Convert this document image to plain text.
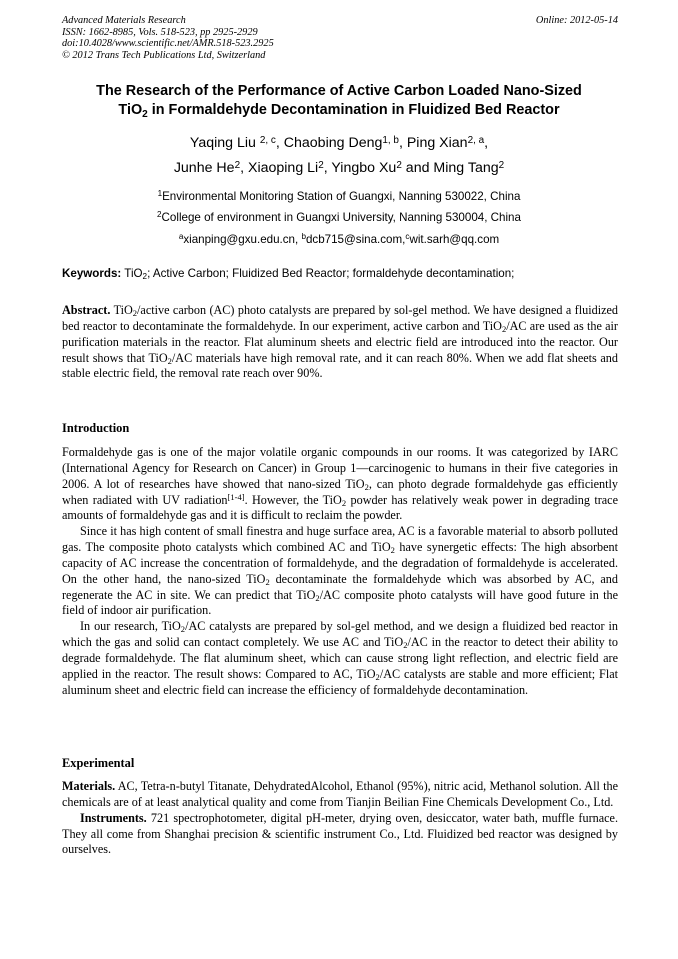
Advanced Materials Research
ISSN: 1662-8985, Vols. 518-523, pp 2925-2929
doi:10.4028/www.scientific.net/AMR.518-523.2925
© 2012 Trans Tech Publications Ltd, Switzerland
Online: 2012-05-14
The Research of the Performance of Active Carbon Loaded Nano-Sized
TiO$_2$ in Formaldehyde Decontamination in Fluidized Bed Reactor
Yaqing Liu $^{2, c}$, Chaobing Deng$^{1, b}$, Ping Xian$^{2, a}$,
Junhe He$^2$, Xiaoping Li$^2$, Yingbo Xu$^2$ and Ming Tang$^2$
$^1$Environmental Monitoring Station of Guangxi, Nanning 530022, China
$^2$College of environment in Guangxi University, Nanning 530004, China
$^a$xianping@gxu.edu.cn, $^b$dcb715@sina.com,$^c$wit.sarh@qq.com
Keywords: TiO$_2$; Active Carbon; Fluidized Bed Reactor; formaldehyde decontamination;

Abstract. TiO$_2$/active carbon (AC) photo catalysts are prepared by sol-gel method. We have designed a fluidized bed reactor to decontaminate the formaldehyde. In our experiment, active carbon and TiO$_2$/AC are used as the air purification materials in the reactor. Flat aluminum sheets and electric field are introduced into the reactor. Our result shows that TiO$_2$/AC materials have high removal rate, and it can reach 80%. When we add flat sheets and stable electric field, the removal rate reach over 90%.

Introduction

Formaldehyde gas is one of the major volatile organic compounds in our rooms. It was categorized by IARC (International Agency for Research on Cancer) in Group 1—carcinogenic to humans in their five categories in 2006. A lot of researches have showed that nano-sized TiO$_2$, can photo degrade formaldehyde gas efficiently when radiated with UV radiation[1-4]. However, the TiO$_2$ powder has relatively weak power in degrading trace amounts of formaldehyde gas and it is difficult to reclaim the powder.

Since it has high content of small finestra and huge surface area, AC is a favorable material to absorb polluted gas. The composite photo catalysts which combined AC and TiO$_2$ have synergetic effects: The high absorbent capacity of AC increase the concentration of formaldehyde, and the degradation of formaldehyde is accelerated. On the other hand, the nano-sized TiO$_2$ decontaminate the formaldehyde which was absorbed by AC, and regenerate the AC in site. We can predict that TiO$_2$/AC composite photo catalysts will have good future in the field of indoor air purification.

In our research, TiO$_2$/AC catalysts are prepared by sol-gel method, and we design a fluidized bed reactor in which the gas and solid can contact completely. We use AC and TiO$_2$/AC in the reactor to detect their ability to degrade formaldehyde. The flat aluminum sheet, which can cause strong light reflection, and electric field are applied in the reactor. The result shows: Compared to AC, TiO$_2$/AC catalysts are stable and more efficient; Flat aluminum sheet and electric field can increase the efficiency of formaldehyde decontamination.

Experimental

Materials. AC, Tetra-n-butyl Titanate, DehydratedAlcohol, Ethanol (95%), nitric acid, Methanol solution. All the chemicals are of at least analytical quality and come from Tianjin Beilian Fine Chemicals Development Co., Ltd.

Instruments. 721 spectrophotometer, digital pH-meter, drying oven, desiccator, water bath, muffle furnace. They all come from Shanghai precision & scientific instrument Co., Ltd. Fluidized bed reactor was designed by ourselves.
